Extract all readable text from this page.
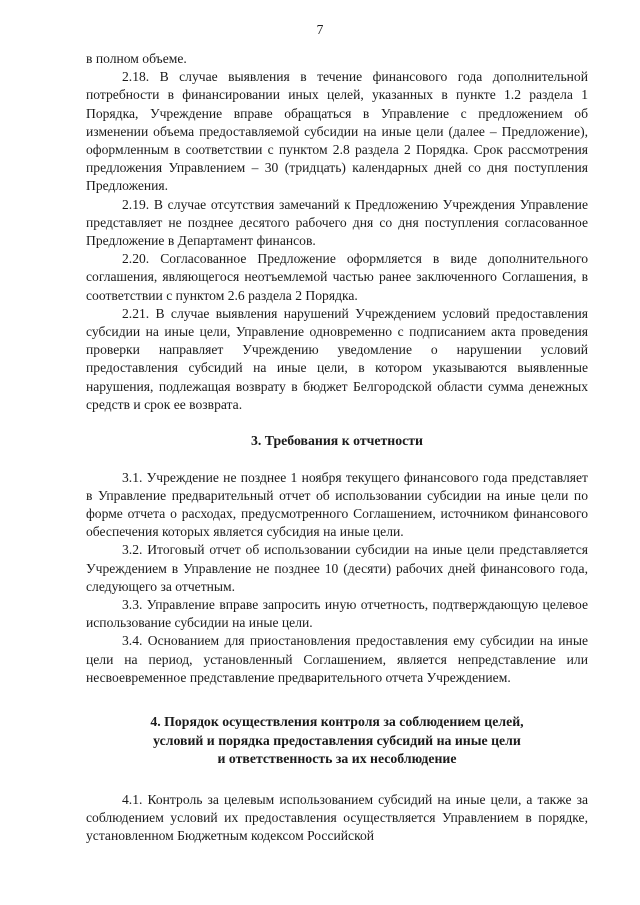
7

в полном объеме.

2.18. В случае выявления в течение финансового года дополнительной потребности в финансировании иных целей, указанных в пункте 1.2 раздела 1 Порядка, Учреждение вправе обращаться в Управление с предложением об изменении объема предоставляемой субсидии на иные цели (далее – Предложение), оформленным в соответствии с пунктом 2.8 раздела 2 Порядка. Срок рассмотрения предложения Управлением – 30 (тридцать) календарных дней со дня поступления Предложения.

2.19. В случае отсутствия замечаний к Предложению Учреждения Управление представляет не позднее десятого рабочего дня со дня поступления согласованное Предложение в Департамент финансов.

2.20. Согласованное Предложение оформляется в виде дополнительного соглашения, являющегося неотъемлемой частью ранее заключенного Соглашения, в соответствии с пунктом 2.6 раздела 2 Порядка.

2.21. В случае выявления нарушений Учреждением условий предоставления субсидии на иные цели, Управление одновременно с подписанием акта проведения проверки направляет Учреждению уведомление о нарушении условий предоставления субсидий на иные цели, в котором указываются выявленные нарушения, подлежащая возврату в бюджет Белгородской области сумма денежных средств и срок ее возврата.

3. Требования к отчетности

3.1. Учреждение не позднее 1 ноября текущего финансового года представляет в Управление предварительный отчет об использовании субсидии на иные цели по форме отчета о расходах, предусмотренного Соглашением, источником финансового обеспечения которых является субсидия на иные цели.

3.2. Итоговый отчет об использовании субсидии на иные цели представляется Учреждением в Управление не позднее 10 (десяти) рабочих дней финансового года, следующего за отчетным.

3.3. Управление вправе запросить иную отчетность, подтверждающую целевое использование субсидии на иные цели.

3.4. Основанием для приостановления предоставления ему субсидии на иные цели на период, установленный Соглашением, является непредставление или несвоевременное представление предварительного отчета Учреждением.

4. Порядок осуществления контроля за соблюдением целей,
условий и порядка предоставления субсидий на иные цели
и ответственность за их несоблюдение

4.1. Контроль за целевым использованием субсидий на иные цели, а также за соблюдением условий их предоставления осуществляется Управлением в порядке, установленном Бюджетным кодексом Российской
